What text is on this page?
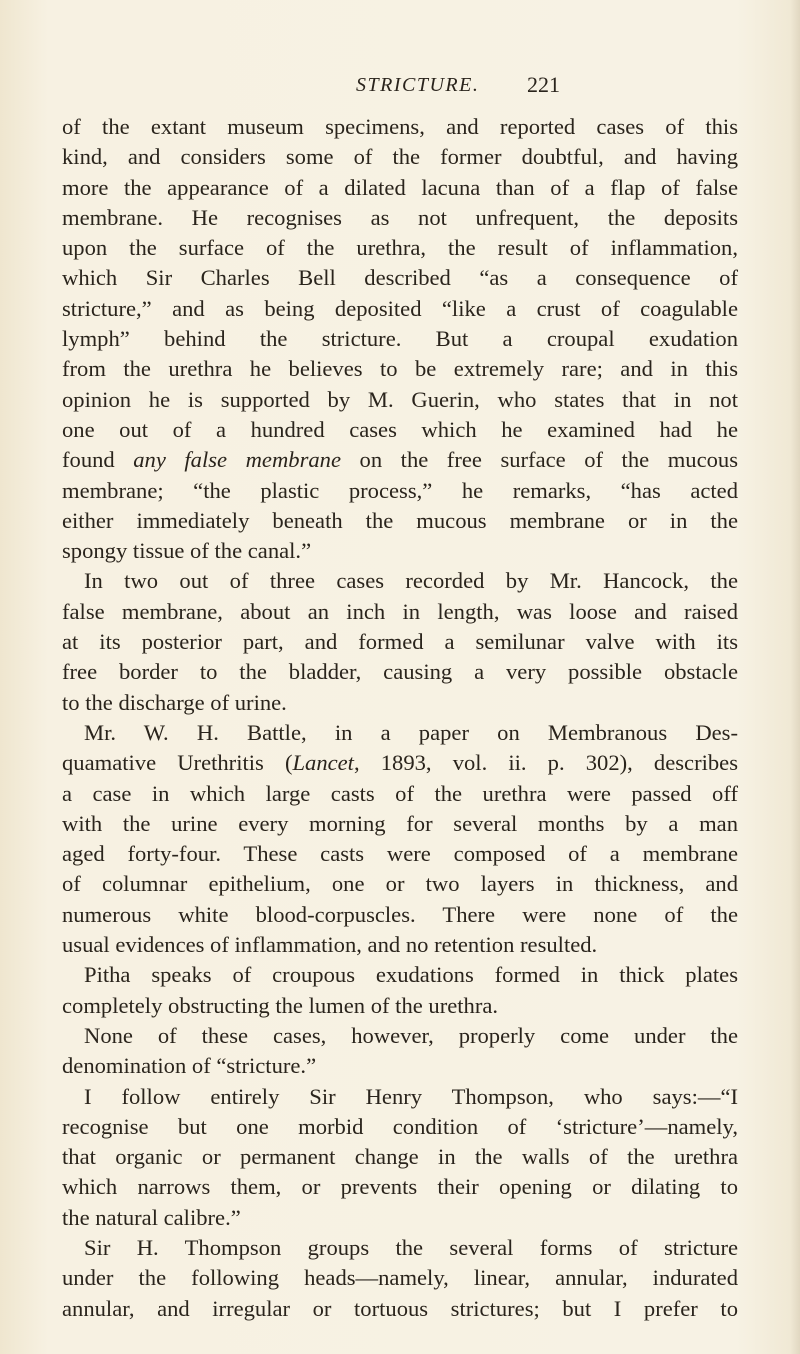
STRICTURE. 221
of the extant museum specimens, and reported cases of this
kind, and considers some of the former doubtful, and having
more the appearance of a dilated lacuna than of a flap of false
membrane. He recognises as not unfrequent, the deposits
upon the surface of the urethra, the result of inflammation,
which Sir Charles Bell described “as a consequence of
stricture,” and as being deposited “like a crust of coagulable
lymph” behind the stricture. But a croupal exudation
from the urethra he believes to be extremely rare; and in this
opinion he is supported by M. Guerin, who states that in not
one out of a hundred cases which he examined had he
found any false membrane on the free surface of the mucous
membrane; “the plastic process,” he remarks, “has acted
either immediately beneath the mucous membrane or in the
spongy tissue of the canal.”
In two out of three cases recorded by Mr. Hancock, the
false membrane, about an inch in length, was loose and raised
at its posterior part, and formed a semilunar valve with its
free border to the bladder, causing a very possible obstacle
to the discharge of urine.
Mr. W. H. Battle, in a paper on Membranous Des-
quamative Urethritis (Lancet, 1893, vol. ii. p. 302), describes
a case in which large casts of the urethra were passed off
with the urine every morning for several months by a man
aged forty-four. These casts were composed of a membrane
of columnar epithelium, one or two layers in thickness, and
numerous white blood-corpuscles. There were none of the
usual evidences of inflammation, and no retention resulted.
Pitha speaks of croupous exudations formed in thick plates
completely obstructing the lumen of the urethra.
None of these cases, however, properly come under the
denomination of “stricture.”
I follow entirely Sir Henry Thompson, who says:—“I
recognise but one morbid condition of ‘stricture’—namely,
that organic or permanent change in the walls of the urethra
which narrows them, or prevents their opening or dilating to
the natural calibre.”
Sir H. Thompson groups the several forms of stricture
under the following heads—namely, linear, annular, indurated
annular, and irregular or tortuous strictures; but I prefer to
